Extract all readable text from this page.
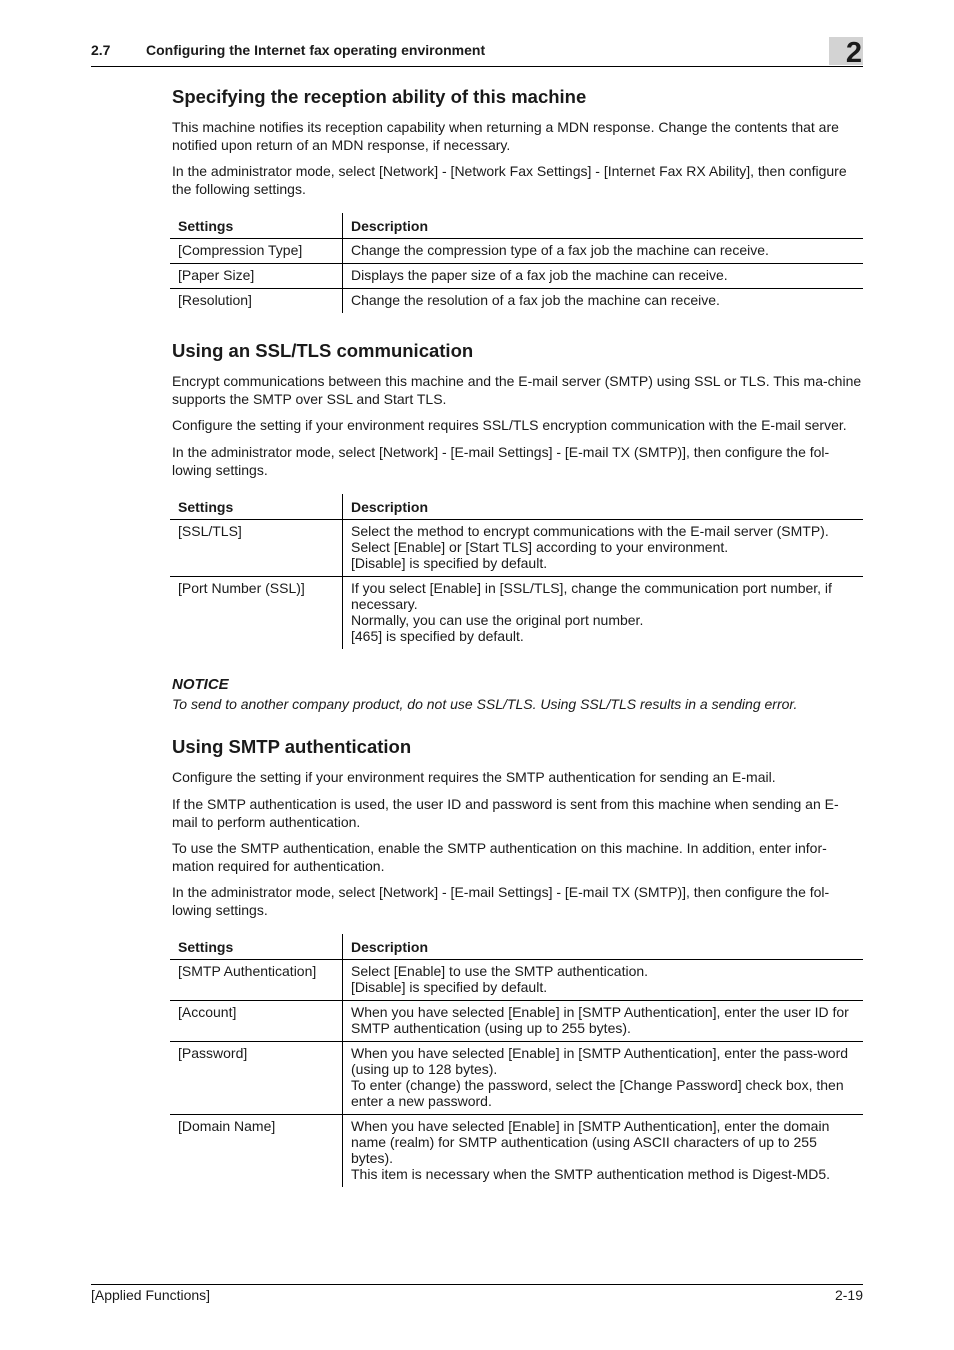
2.7	Configuring the Internet fax operating environment	2
Specifying the reception ability of this machine

This machine notifies its reception capability when returning a MDN response. Change the contents that are notified upon return of an MDN response, if necessary.

In the administrator mode, select [Network] - [Network Fax Settings] - [Internet Fax RX Ability], then configure the following settings.

Settings	Description
[Compression Type]	Change the compression type of a fax job the machine can receive.
[Paper Size]	Displays the paper size of a fax job the machine can receive.
[Resolution]	Change the resolution of a fax job the machine can receive.
Using an SSL/TLS communication

Encrypt communications between this machine and the E-mail server (SMTP) using SSL or TLS. This ma-chine supports the SMTP over SSL and Start TLS.

Configure the setting if your environment requires SSL/TLS encryption communication with the E-mail server.

In the administrator mode, select [Network] - [E-mail Settings] - [E-mail TX (SMTP)], then configure the fol-lowing settings.

Settings	Description
[SSL/TLS]	Select the method to encrypt communications with the E-mail server (SMTP).
Select [Enable] or [Start TLS] according to your environment.
[Disable] is specified by default.

[Port Number (SSL)]	If you select [Enable] in [SSL/TLS], change the communication port number, if necessary.
Normally, you can use the original port number.
[465] is specified by default.

NOTICE

To send to another company product, do not use SSL/TLS. Using SSL/TLS results in a sending error.

Using SMTP authentication

Configure the setting if your environment requires the SMTP authentication for sending an E-mail.

If the SMTP authentication is used, the user ID and password is sent from this machine when sending an E-mail to perform authentication.

To use the SMTP authentication, enable the SMTP authentication on this machine. In addition, enter infor-mation required for authentication.

In the administrator mode, select [Network] - [E-mail Settings] - [E-mail TX (SMTP)], then configure the fol-lowing settings.

Settings	Description
[SMTP Authentication]	Select [Enable] to use the SMTP authentication.
[Disable] is specified by default.

[Account]	When you have selected [Enable] in [SMTP Authentication], enter the user ID for SMTP authentication (using up to 255 bytes).

[Password]	When you have selected [Enable] in [SMTP Authentication], enter the pass-word (using up to 128 bytes).
To enter (change) the password, select the [Change Password] check box, then enter a new password.

[Domain Name]	When you have selected [Enable] in [SMTP Authentication], enter the domain name (realm) for SMTP authentication (using ASCII characters of up to 255 bytes).
This item is necessary when the SMTP authentication method is Digest-MD5.
[Applied Functions]	2-19
